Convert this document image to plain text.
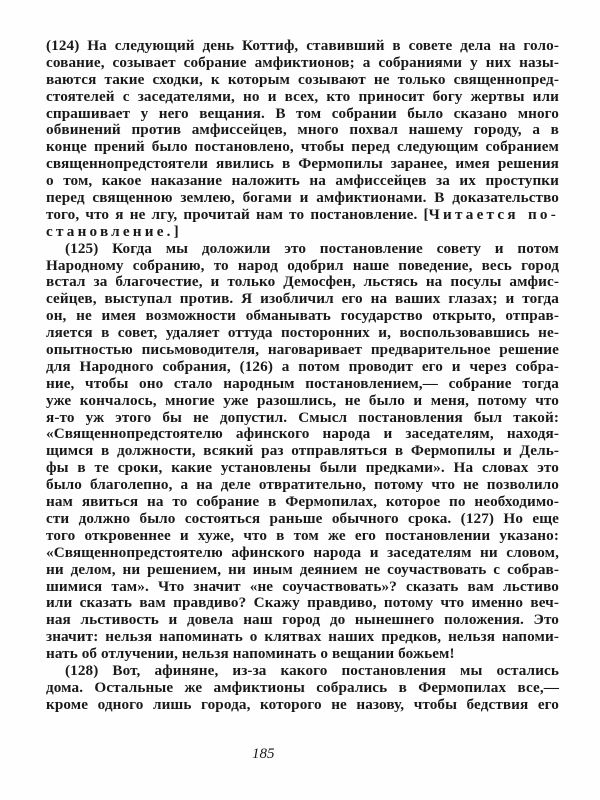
(124) На следующий день Коттиф, ставивший в совете дела на голо-
сование, созывает собрание амфиктионов; а собраниями у них назы-
ваются такие сходки, к которым созывают не только священнопред-
стоятелей с заседателями, но и всех, кто приносит богу жертвы или
спрашивает у него вещания. В том собрании было сказано много
обвинений против амфиссейцев, много похвал нашему городу, а в
конце прений было постановлено, чтобы перед следующим собранием
священнопредстоятели явились в Фермопилы заранее, имея решения
о том, какое наказание наложить на амфиссейцев за их проступки
перед священною землею, богами и амфиктионами. В доказательство
того, что я не лгу, прочитай нам то постановление. [Читается по-
становление.]
(125) Когда мы доложили это постановление совету и потом
Народному собранию, то народ одобрил наше поведение, весь город
встал за благочестие, и только Демосфен, льстясь на посулы амфис-
сейцев, выступал против. Я изобличил его на ваших глазах; и тогда
он, не имея возможности обманывать государство открыто, отправ-
ляется в совет, удаляет оттуда посторонних и, воспользовавшись не-
опытностью письмоводителя, наговаривает предварительное решение
для Народного собрания, (126) а потом проводит его и через собра-
ние, чтобы оно стало народным постановлением,— собрание тогда
уже кончалось, многие уже разошлись, не было и меня, потому что
я-то уж этого бы не допустил. Смысл постановления был такой:
«Священнопредстоятелю афинского народа и заседателям, находя-
щимся в должности, всякий раз отправляться в Фермопилы и Дель-
фы в те сроки, какие установлены были предками». На словах это
было благолепно, а на деле отвратительно, потому что не позволило
нам явиться на то собрание в Фермопилах, которое по необходимо-
сти должно было состояться раньше обычного срока. (127) Но еще
того откровеннее и хуже, что в том же его постановлении указано:
«Священнопредстоятелю афинского народа и заседателям ни словом,
ни делом, ни решением, ни иным деянием не соучаствовать с собрав-
шимися там». Что значит «не соучаствовать»? сказать вам льстиво
или сказать вам правдиво? Скажу правдиво, потому что именно веч-
ная льстивость и довела наш город до нынешнего положения. Это
значит: нельзя напоминать о клятвах наших предков, нельзя напоми-
нать об отлучении, нельзя напоминать о вещании божьем!
(128) Вот, афиняне, из-за какого постановления мы остались
дома. Остальные же амфиктионы собрались в Фермопилах все,—
кроме одного лишь города, которого не назову, чтобы бедствия его
185
